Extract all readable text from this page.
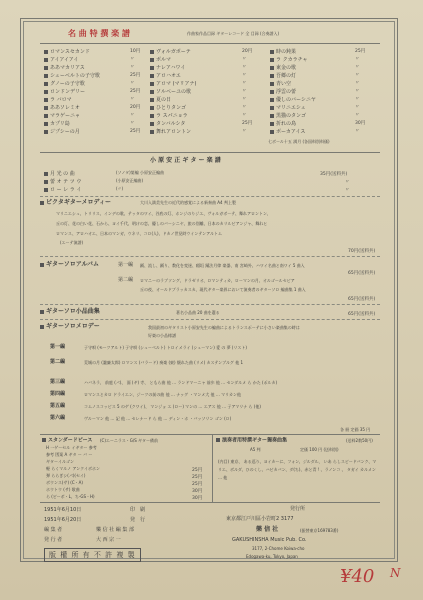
名 曲 特 撰 楽 譜	作曲家作品目録 ギターレコード 全 目録 (合奏譜入)
ロマンスセカンド	10円
アイアイアイ	〃
ああマカリアス	〃
シューベルトの子守歌	25円
グノーの子守歌	〃
ロンドンデリー	25円
ラ バロマ	〃
ああソレミオ	20円
マラゲーニャ	〃
カプリ島	〃
ジプシーの月	25円
ヴォルガボーテ	20円
ボルマ	〃
ナレアハワイ	〃
アロハオエ	〃
アロマ (マリアナ)	〃
ソルベーユの歌	〃
夏の日	〃
ひとりタンゴ	〃
ラ スパニョラ	〃
タンバルシタ	25円
舞れアロントン	〃
時の鈍果	25円
ラ クカラチャ	〃
東金の歌	〃
吾郷の灯	〃
青い空	〃
浮雲の蕾	〃
優しのバーシニヤ	〃
マリニエシュ	〃
黒猫のタンゴ	〃
折れの鳥	30円
ボーカアイス	〃
七ボール十五 満月 (各国料別料価)
小 原 安 正 ギ タ ー 楽 譜
月 光 の 曲	(ソノタ)第編 小原安正編曲	35円(送料共)
蕾 オ テ ツ ウ	(小原安正編曲)	〃
ロ ー レ ラ イ	(〃)	〃
ビクタギターメロディー	大川入満美先生の近代的感覚による新奏曲 A4 判上製
マリニエシュ、トリリス、インデの歌、テッタのワイ、谷底の灯、ホンジのりジエ、ヴォルガボーテ、舞れアロントン、
丘の灯、花の白い花、石から、ヨイ千代、明けの恋、優しのバーシニヤ、旅の別離、日本のカリルビアンジャ、舞れヒ
ロマンス、アロハオエ、日本のマンガ、ウネリ、コロ(人)、ドカノ世見時ウインテンアルトム
(エーテ演譜)
70円(送料共)
ギターソロアルバム	第一編 踊、流し、踊り、教化を変迷、稲垣 踊法月律 楽器、南 宮崎外、ハワイ名曲と南ワイ 5 曲入
65円(送料共)
第二編 ロマニーのラブソング、ドラゼリオ、ロマンティカ、ローマンの月、オルゴールセピア
丘の夜、オールドブラッカスカ、現代ギター楽界において演奏者のギターソロ 編曲集 1 曲入
65円(送料共)
ギターソロ小品曲集	著名小品曲 20 曲を選る	65円(送料共)
ギターソロメロデー	我国最初のギタリスト小原安先生の編曲によるトランスポーテに小さい楽曲集の時は
好楽の小品様譜
第一編	子守唄 (モーツアルト) 子守唄 (シューベルト) トロイメライ (シューマン) 愛 の 夢 (リスト)
第二編	荒城の月 (瀧廉太郎) ロマンス (バラード) 奏楽 (東) 懐れた曲 (リメ) カステンブルグ 他 1
第三編	ハバネラ、 前庭 (パ)、 面 (ギ) 寺、 ともら曲 他 … ランドマーニャ 前歩 他 … センダルメ ら かた (ポルカ)
第四編	ロマンスとカロ ドライエン、ジーツの前の曲 他 … ナッグ ・マンメ大 他 … マリカン他
第五編	コムノスコッピス 5 のゲ (クワイ)、 マンジョ エ (ロー) マンの … エアス 他 … 子アマリナ ら (他)
第六編	ヴルーマン 他 … 記 他 … セレナード ら 他 … ディン・ホ ・バッソリン ゴン (ロ)
各 冊 定価 35 円
スタンダードピース (C)エーニラス・G/S ギター備前
H 一ゲーセル イギター 参考
参考 図案 A ギタ ー バ ー
ギターイルゴン
軽 らくマルノ アンクイボホン	25円
弾 ららぎシ(パ)(セイ)	25円
ボウンス(サ) (C・A)	25円
ホウトウ (サ) 歌曲	30円
ら (ビーボ・L、ち-GS・H)	30円
演奏者用特撰ギター獨奏曲集	(送料2数50円)
A5 判	定価 100 円 (送料別)
(内目) 東京、 ある巡り、ヨイカーに、フォン、ジルダル、 いあ らしスピードバンク、マリエ、ボルダ、ひのくし、ハビカバン、ダ(ち)、赤と青 ! 、ラノンコ 、 タガイ カルメン … 他
1951年6月10日	印　刷
1951年6月20日	発　行
編 集 者	樂 信 社 編 集 部
発 行 者	大 西 宗 一
版 權 所 有 不 許 複 製
発行所
東京都江戸川區小岩町2 3177
樂 信 社	(振替東京169783番)
GAKUSHINSHA Music Pub. Co.
3177, 2-Chome Koiwa-cho
Edogawa-ku, Tokyo, Japan
¥40 N
